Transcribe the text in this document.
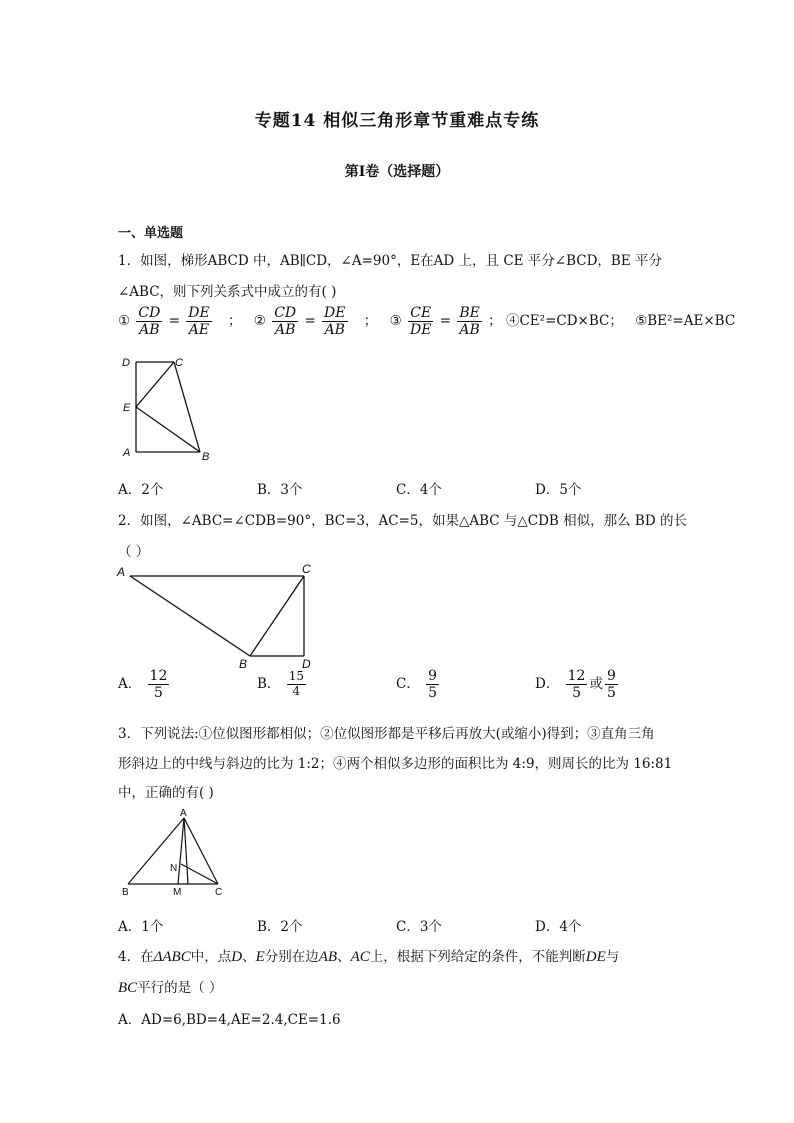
专题14 相似三角形章节重难点专练
第I卷（选择题）
一、单选题
1．如图，梯形ABCD 中，AB∥CD，∠A=90°，E在AD 上，且 CE 平分∠BCD，BE 平分
∠ABC，则下列关系式中成立的有( )
① $\frac{CD}{AB} = \frac{DE}{AE}$ ； ② $\frac{CD}{AB} = \frac{DE}{AB}$ ； ③ $\frac{CE}{DE} = \frac{BE}{AB}$ ； ④CE²=CD×BC； ⑤BE²=AE×BC
D	C
E
A	B
A．2个	B．3个	C．4个	D．5个
2．如图，∠ABC=∠CDB=90°，BC=3，AC=5，如果△ABC 与△CDB 相似，那么 BD 的长
（ ）
A	C
B	D
A． $\frac{12}{5}$	B． $\frac{15}{4}$	C． $\frac{9}{5}$	D． $\frac{12}{5}$ 或 $\frac{9}{5}$
3．下列说法:①位似图形都相似；②位似图形都是平移后再放大(或缩小)得到；③直角三角
形斜边上的中线与斜边的比为 1:2；④两个相似多边形的面积比为 4:9，则周长的比为 16:81
中，正确的有( )
A
N
B	M	C
A．1个	B．2个	C．3个	D．4个
4．在ΔABC中，点D、E分别在边AB、AC上，根据下列给定的条件，不能判断DE与
BC平行的是（ ）
A．AD=6,BD=4,AE=2.4,CE=1.6
